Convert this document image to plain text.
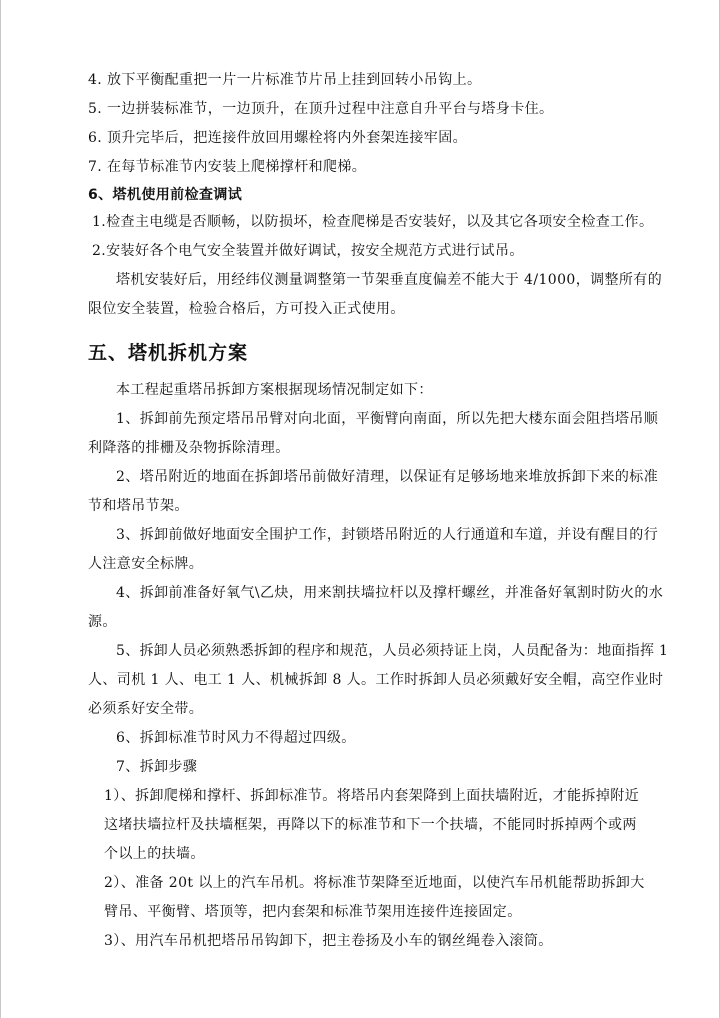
4. 放下平衡配重把一片一片标准节片吊上挂到回转小吊钩上。
5. 一边拼装标准节，一边顶升，在顶升过程中注意自升平台与塔身卡住。
6. 顶升完毕后，把连接件放回用螺栓将内外套架连接牢固。
7. 在每节标准节内安装上爬梯撑杆和爬梯。
6、塔机使用前检查调试
1.检查主电缆是否顺畅，以防损坏，检查爬梯是否安装好，以及其它各项安全检查工作。
2.安装好各个电气安全装置并做好调试，按安全规范方式进行试吊。
塔机安装好后，用经纬仪测量调整第一节架垂直度偏差不能大于 4/1000，调整所有的
限位安全装置，检验合格后，方可投入正式使用。
五、塔机拆机方案
本工程起重塔吊拆卸方案根据现场情况制定如下：
1、拆卸前先预定塔吊吊臂对向北面，平衡臂向南面，所以先把大楼东面会阻挡塔吊顺
利降落的排栅及杂物拆除清理。
2、塔吊附近的地面在拆卸塔吊前做好清理，以保证有足够场地来堆放拆卸下来的标准
节和塔吊节架。
3、拆卸前做好地面安全围护工作，封锁塔吊附近的人行通道和车道，并设有醒目的行
人注意安全标牌。
4、拆卸前准备好氧气\乙炔，用来割扶墙拉杆以及撑杆螺丝，并准备好氧割时防火的水
源。
5、拆卸人员必须熟悉拆卸的程序和规范，人员必须持证上岗，人员配备为：地面指挥 1
人、司机 1 人、电工 1 人、机械拆卸 8 人。工作时拆卸人员必须戴好安全帽，高空作业时
必须系好安全带。
6、拆卸标准节时风力不得超过四级。
7、拆卸步骤
1）、拆卸爬梯和撑杆、拆卸标准节。将塔吊内套架降到上面扶墙附近，才能拆掉附近
这堵扶墙拉杆及扶墙框架，再降以下的标准节和下一个扶墙，不能同时拆掉两个或两
个以上的扶墙。
2）、准备 20t 以上的汽车吊机。将标准节架降至近地面，以使汽车吊机能帮助拆卸大
臂吊、平衡臂、塔顶等，把内套架和标准节架用连接件连接固定。
3）、用汽车吊机把塔吊吊钩卸下，把主卷扬及小车的钢丝绳卷入滚筒。
